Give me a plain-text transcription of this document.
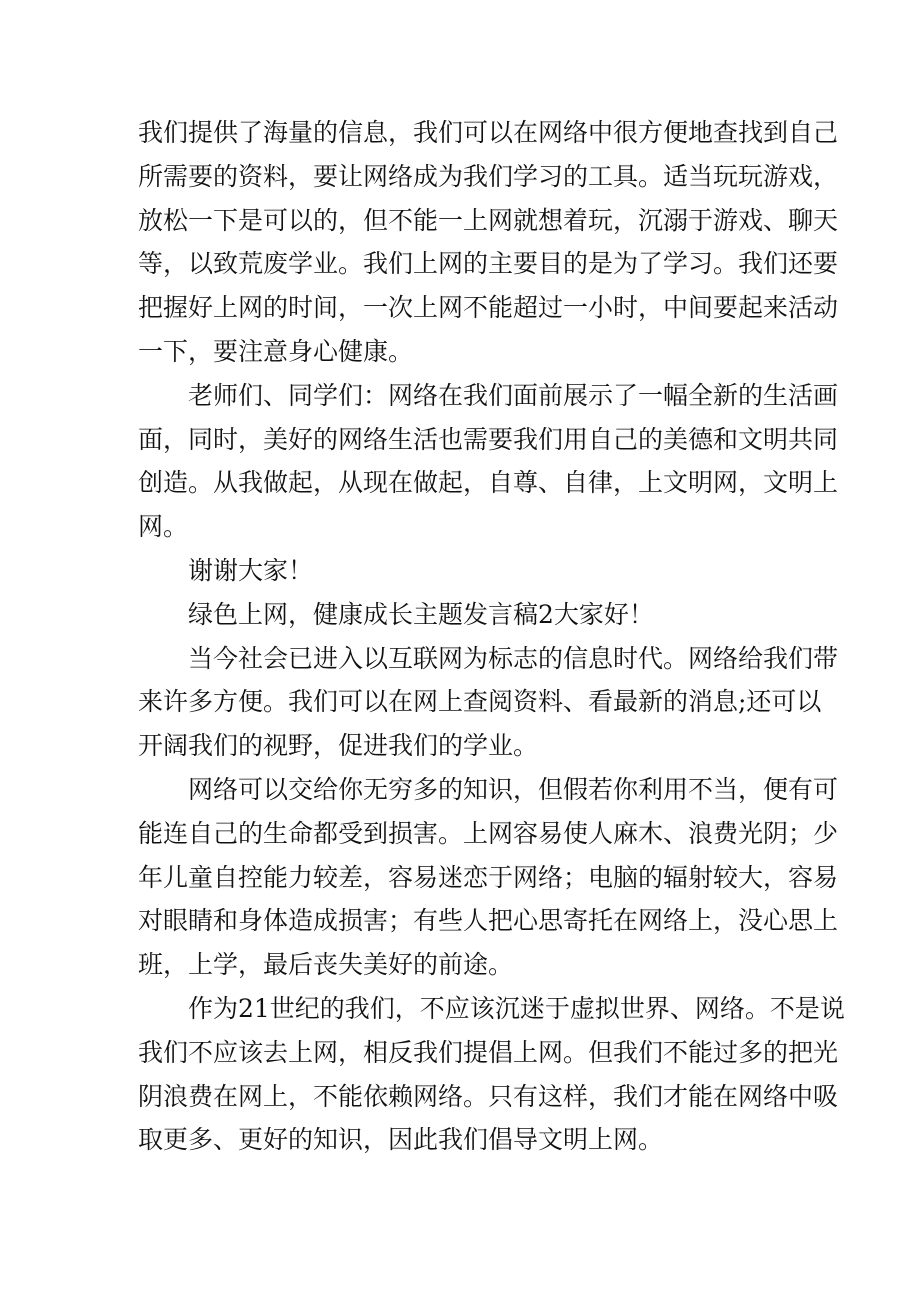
我们提供了海量的信息，我们可以在网络中很方便地查找到自己
所需要的资料，要让网络成为我们学习的工具。适当玩玩游戏，
放松一下是可以的，但不能一上网就想着玩，沉溺于游戏、聊天
等，以致荒废学业。我们上网的主要目的是为了学习。我们还要
把握好上网的时间，一次上网不能超过一小时，中间要起来活动
一下，要注意身心健康。
老师们、同学们：网络在我们面前展示了一幅全新的生活画
面，同时，美好的网络生活也需要我们用自己的美德和文明共同
创造。从我做起，从现在做起，自尊、自律，上文明网，文明上
网。
谢谢大家！
绿色上网，健康成长主题发言稿2大家好！
当今社会已进入以互联网为标志的信息时代。网络给我们带
来许多方便。我们可以在网上查阅资料、看最新的消息;还可以
开阔我们的视野，促进我们的学业。
网络可以交给你无穷多的知识，但假若你利用不当，便有可
能连自己的生命都受到损害。上网容易使人麻木、浪费光阴；少
年儿童自控能力较差，容易迷恋于网络；电脑的辐射较大，容易
对眼睛和身体造成损害；有些人把心思寄托在网络上，没心思上
班，上学，最后丧失美好的前途。
作为21世纪的我们，不应该沉迷于虚拟世界、网络。不是说
我们不应该去上网，相反我们提倡上网。但我们不能过多的把光
阴浪费在网上，不能依赖网络。只有这样，我们才能在网络中吸
取更多、更好的知识，因此我们倡导文明上网。
